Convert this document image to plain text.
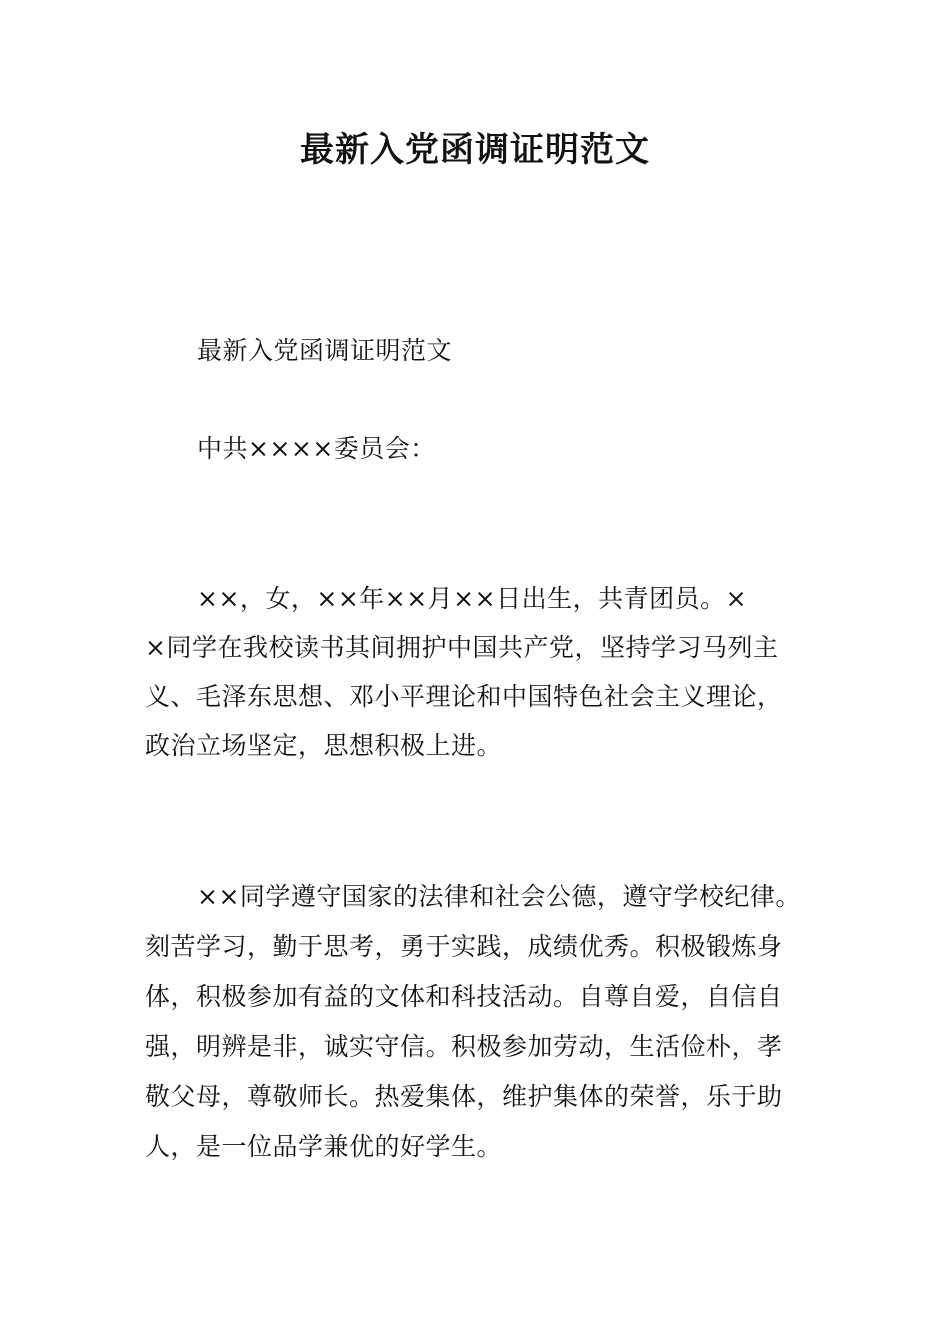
最新入党函调证明范文
最新入党函调证明范文
中共××××委员会：
××，女，××年××月××日出生，共青团员。×
×同学在我校读书其间拥护中国共产党，坚持学习马列主
义、毛泽东思想、邓小平理论和中国特色社会主义理论，
政治立场坚定，思想积极上进。
××同学遵守国家的法律和社会公德，遵守学校纪律。
刻苦学习，勤于思考，勇于实践，成绩优秀。积极锻炼身
体，积极参加有益的文体和科技活动。自尊自爱，自信自
强，明辨是非，诚实守信。积极参加劳动，生活俭朴，孝
敬父母，尊敬师长。热爱集体，维护集体的荣誉，乐于助
人，是一位品学兼优的好学生。
